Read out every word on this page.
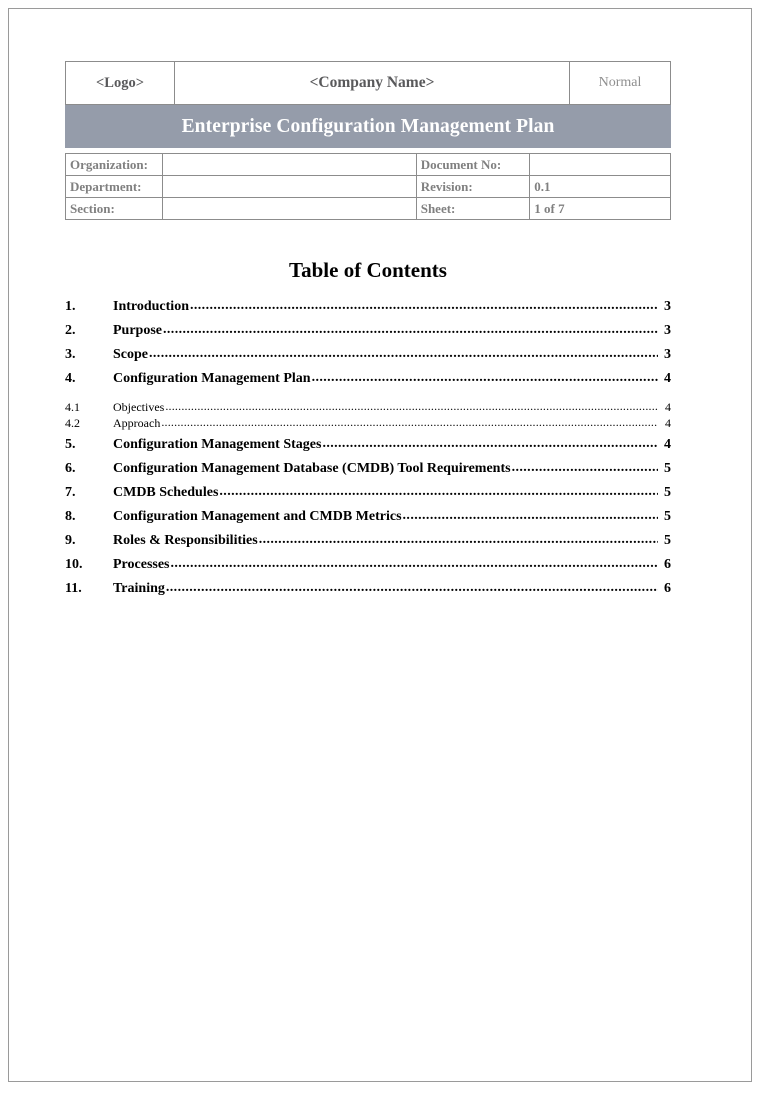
<Logo>	<Company Name>	Normal
Enterprise Configuration Management Plan
Organization:		Document No:	
Department:		Revision:	0.1
Section:		Sheet:	1 of 7
Table of Contents
1.	Introduction .....	3
2.	Purpose .....	3
3.	Scope .....	3
4.	Configuration Management Plan .....	4
4.1	Objectives .....	4
4.2	Approach .....	4
5.	Configuration Management Stages .....	4
6.	Configuration Management Database (CMDB) Tool Requirements .....	5
7.	CMDB Schedules .....	5
8.	Configuration Management and CMDB Metrics .....	5
9.	Roles & Responsibilities .....	5
10.	Processes .....	6
11.	Training .....	6
